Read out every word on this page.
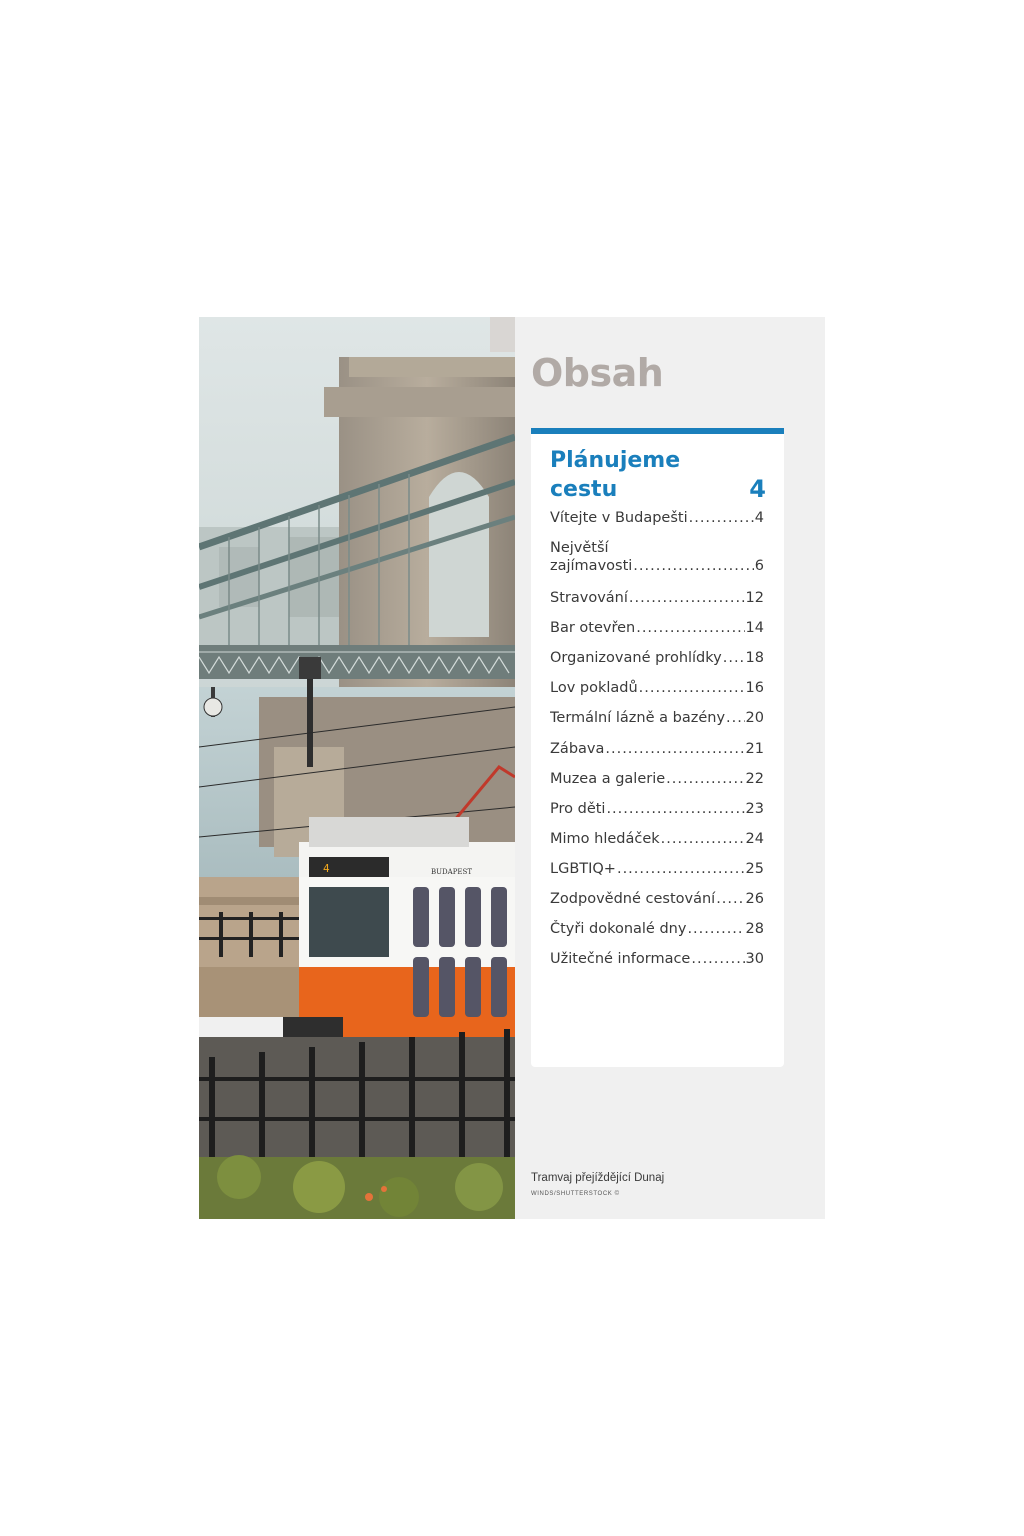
4	BUDAPEST
Obsah
Plánujeme
cestu	4
Vítejte v Budapešti .....	4
Největší
zajímavosti .....	6
Stravování .....	12
Bar otevřen .....	14
Organizované prohlídky ..... 18
Lov pokladů .....	16
Termální lázně a bazény ..... 20
Zábava .....	21
Muzea a galerie .....	22
Pro děti .....	23
Mimo hledáček .....	24
LGBTIQ+ .....	25
Zodpovědné cestování ..... 26
Čtyři dokonalé dny .....	28
Užitečné informace .....	30
Tramvaj přejíždějící Dunaj
WINDS/SHUTTERSTOCK ©
